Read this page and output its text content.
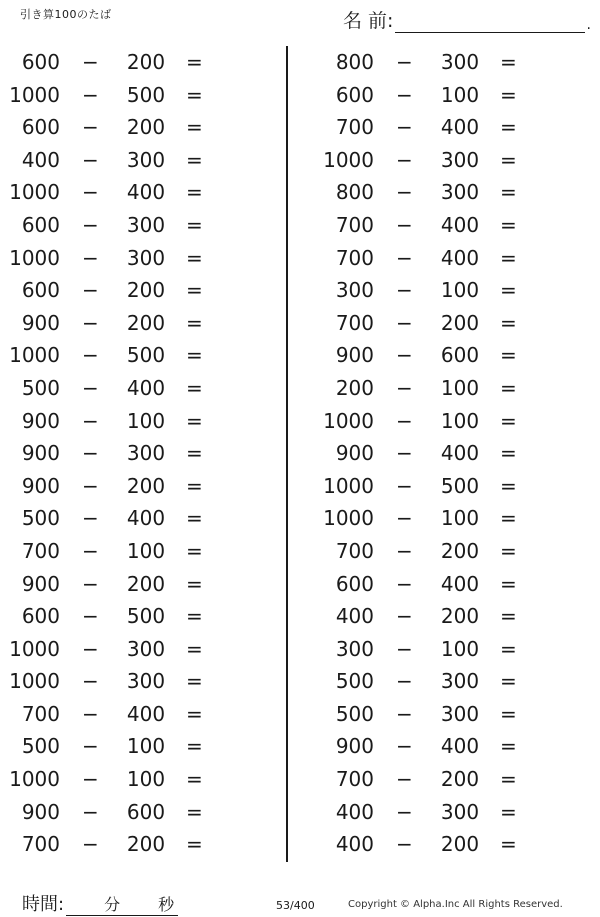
引き算100のたば	名 前:	.
600 − 200 =
1000 − 500 =
600 − 200 =
400 − 300 =
1000 − 400 =
600 − 300 =
1000 − 300 =
600 − 200 =
900 − 200 =
1000 − 500 =
500 − 400 =
900 − 100 =
900 − 300 =
900 − 200 =
500 − 400 =
700 − 100 =
900 − 200 =
600 − 500 =
1000 − 300 =
1000 − 300 =
700 − 400 =
500 − 100 =
1000 − 100 =
900 − 600 =
700 − 200 =
800 − 300 =
600 − 100 =
700 − 400 =
1000 − 300 =
800 − 300 =
700 − 400 =
700 − 400 =
300 − 100 =
700 − 200 =
900 − 600 =
200 − 100 =
1000 − 100 =
900 − 400 =
1000 − 500 =
1000 − 100 =
700 − 200 =
600 − 400 =
400 − 200 =
300 − 100 =
500 − 300 =
500 − 300 =
900 − 400 =
700 − 200 =
400 − 300 =
400 − 200 =
時間:	分 秒	53/400	Copyright © Alpha.Inc All Rights Reserved.
